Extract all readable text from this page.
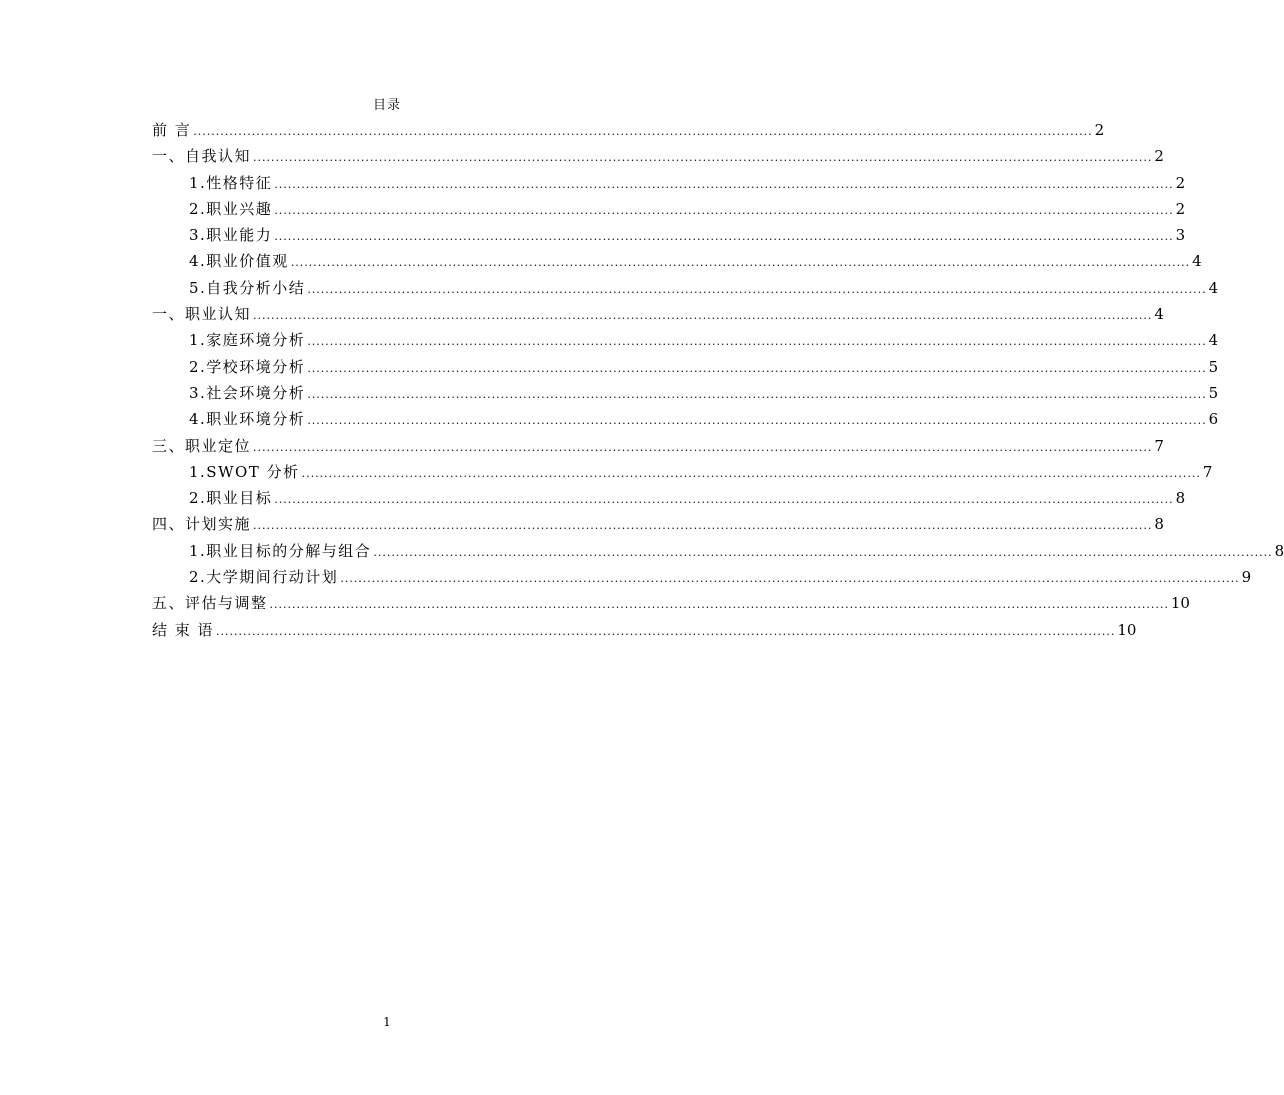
目录
前 言 ........................................................................................................................................................................................................ 2
一、自我认知 ........................................................................................................................................................................................................ 2
1.性格特征 ........................................................................................................................................................................................................ 2
2.职业兴趣 ........................................................................................................................................................................................................ 2
3.职业能力 ........................................................................................................................................................................................................ 3
4.职业价值观 ........................................................................................................................................................................................................ 4
5.自我分析小结 ........................................................................................................................................................................................................ 4
一、职业认知 ........................................................................................................................................................................................................ 4
1.家庭环境分析 ........................................................................................................................................................................................................ 4
2.学校环境分析 ........................................................................................................................................................................................................ 5
3.社会环境分析 ........................................................................................................................................................................................................ 5
4.职业环境分析 ........................................................................................................................................................................................................ 6
三、职业定位 ........................................................................................................................................................................................................ 7
1.SWOT 分析 ........................................................................................................................................................................................................ 7
2.职业目标 ........................................................................................................................................................................................................ 8
四、计划实施 ........................................................................................................................................................................................................ 8
1.职业目标的分解与组合 ........................................................................................................................................................................................................ 8
2.大学期间行动计划 ........................................................................................................................................................................................................ 9
五、评估与调整 ........................................................................................................................................................................................................ 10
结 束 语 ........................................................................................................................................................................................................ 10
1
